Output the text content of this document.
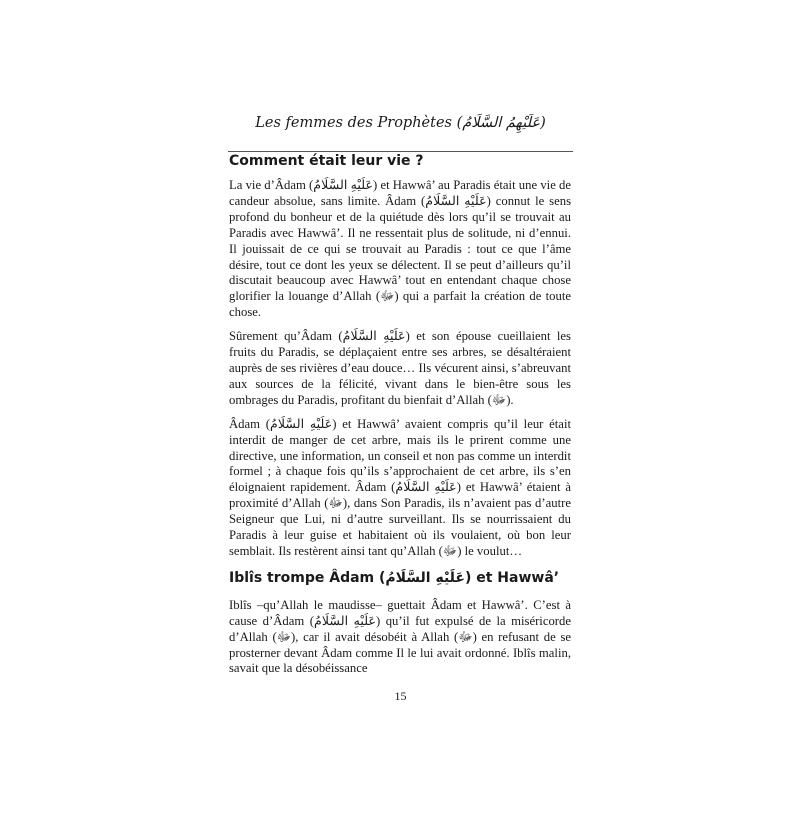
Les femmes des Prophètes (عَلَيْهِمُ السَّلَامُ)
Comment était leur vie ?

La vie d’Âdam (عَلَيْهِ السَّلَامُ) et Hawwâ’ au Paradis était une vie de candeur absolue, sans limite. Âdam (عَلَيْهِ السَّلَامُ) connut le sens profond du bonheur et de la quiétude dès lors qu’il se trouvait au Paradis avec Hawwâ’. Il ne ressentait plus de solitude, ni d’ennui. Il jouissait de ce qui se trouvait au Paradis : tout ce que l’âme désire, tout ce dont les yeux se délectent. Il se peut d’ailleurs qu’il discutait beaucoup avec Hawwâ’ tout en entendant chaque chose glorifier la louange d’Allah (ﷻ) qui a parfait la création de toute chose.

Sûrement qu’Âdam (عَلَيْهِ السَّلَامُ) et son épouse cueillaient les fruits du Paradis, se déplaçaient entre ses arbres, se désaltéraient auprès de ses rivières d’eau douce… Ils vécurent ainsi, s’abreuvant aux sources de la félicité, vivant dans le bien-être sous les ombrages du Paradis, profitant du bienfait d’Allah (ﷻ).

Âdam (عَلَيْهِ السَّلَامُ) et Hawwâ’ avaient compris qu’il leur était interdit de manger de cet arbre, mais ils le prirent comme une directive, une information, un conseil et non pas comme un interdit formel ; à chaque fois qu’ils s’approchaient de cet arbre, ils s’en éloignaient rapidement. Âdam (عَلَيْهِ السَّلَامُ) et Hawwâ’ étaient à proximité d’Allah (ﷻ), dans Son Paradis, ils n’avaient pas d’autre Seigneur que Lui, ni d’autre surveillant. Ils se nourrissaient du Paradis à leur guise et habitaient où ils voulaient, où bon leur semblait. Ils restèrent ainsi tant qu’Allah (ﷻ) le voulut…

Iblîs trompe Âdam (عَلَيْهِ السَّلَامُ) et Hawwâ’

Iblîs –qu’Allah le maudisse– guettait Âdam et Hawwâ’. C’est à cause d’Âdam (عَلَيْهِ السَّلَامُ) qu’il fut expulsé de la miséricorde d’Allah (ﷻ), car il avait désobéit à Allah (ﷻ) en refusant de se prosterner devant Âdam comme Il le lui avait ordonné. Iblîs malin, savait que la désobéissance

15
